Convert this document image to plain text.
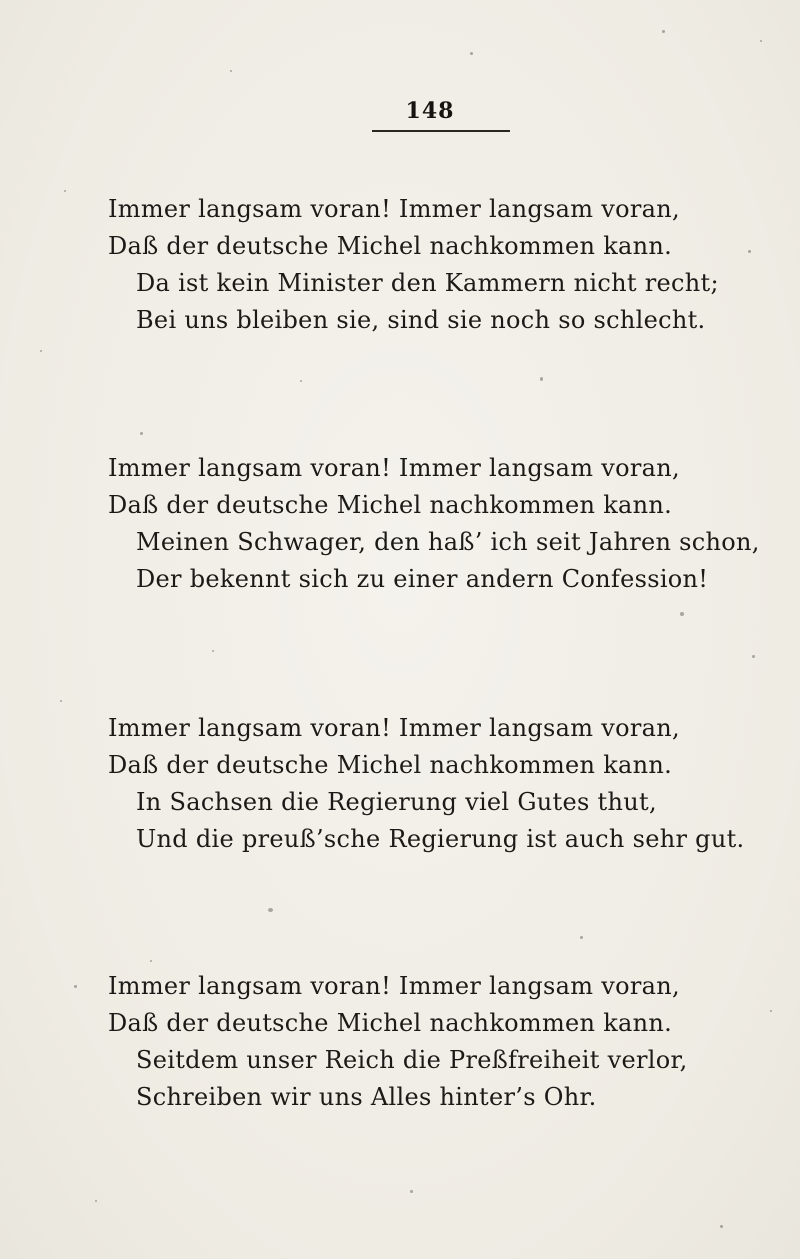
148
Immer langsam voran! Immer langsam voran,
Daß der deutsche Michel nachkommen kann.
Da ist kein Minister den Kammern nicht recht;
Bei uns bleiben sie, sind sie noch so schlecht.
Immer langsam voran! Immer langsam voran,
Daß der deutsche Michel nachkommen kann.
Meinen Schwager, den haß’ ich seit Jahren schon,
Der bekennt sich zu einer andern Confession!
Immer langsam voran! Immer langsam voran,
Daß der deutsche Michel nachkommen kann.
In Sachsen die Regierung viel Gutes thut,
Und die preuß’sche Regierung ist auch sehr gut.
Immer langsam voran! Immer langsam voran,
Daß der deutsche Michel nachkommen kann.
Seitdem unser Reich die Preßfreiheit verlor,
Schreiben wir uns Alles hinter’s Ohr.
